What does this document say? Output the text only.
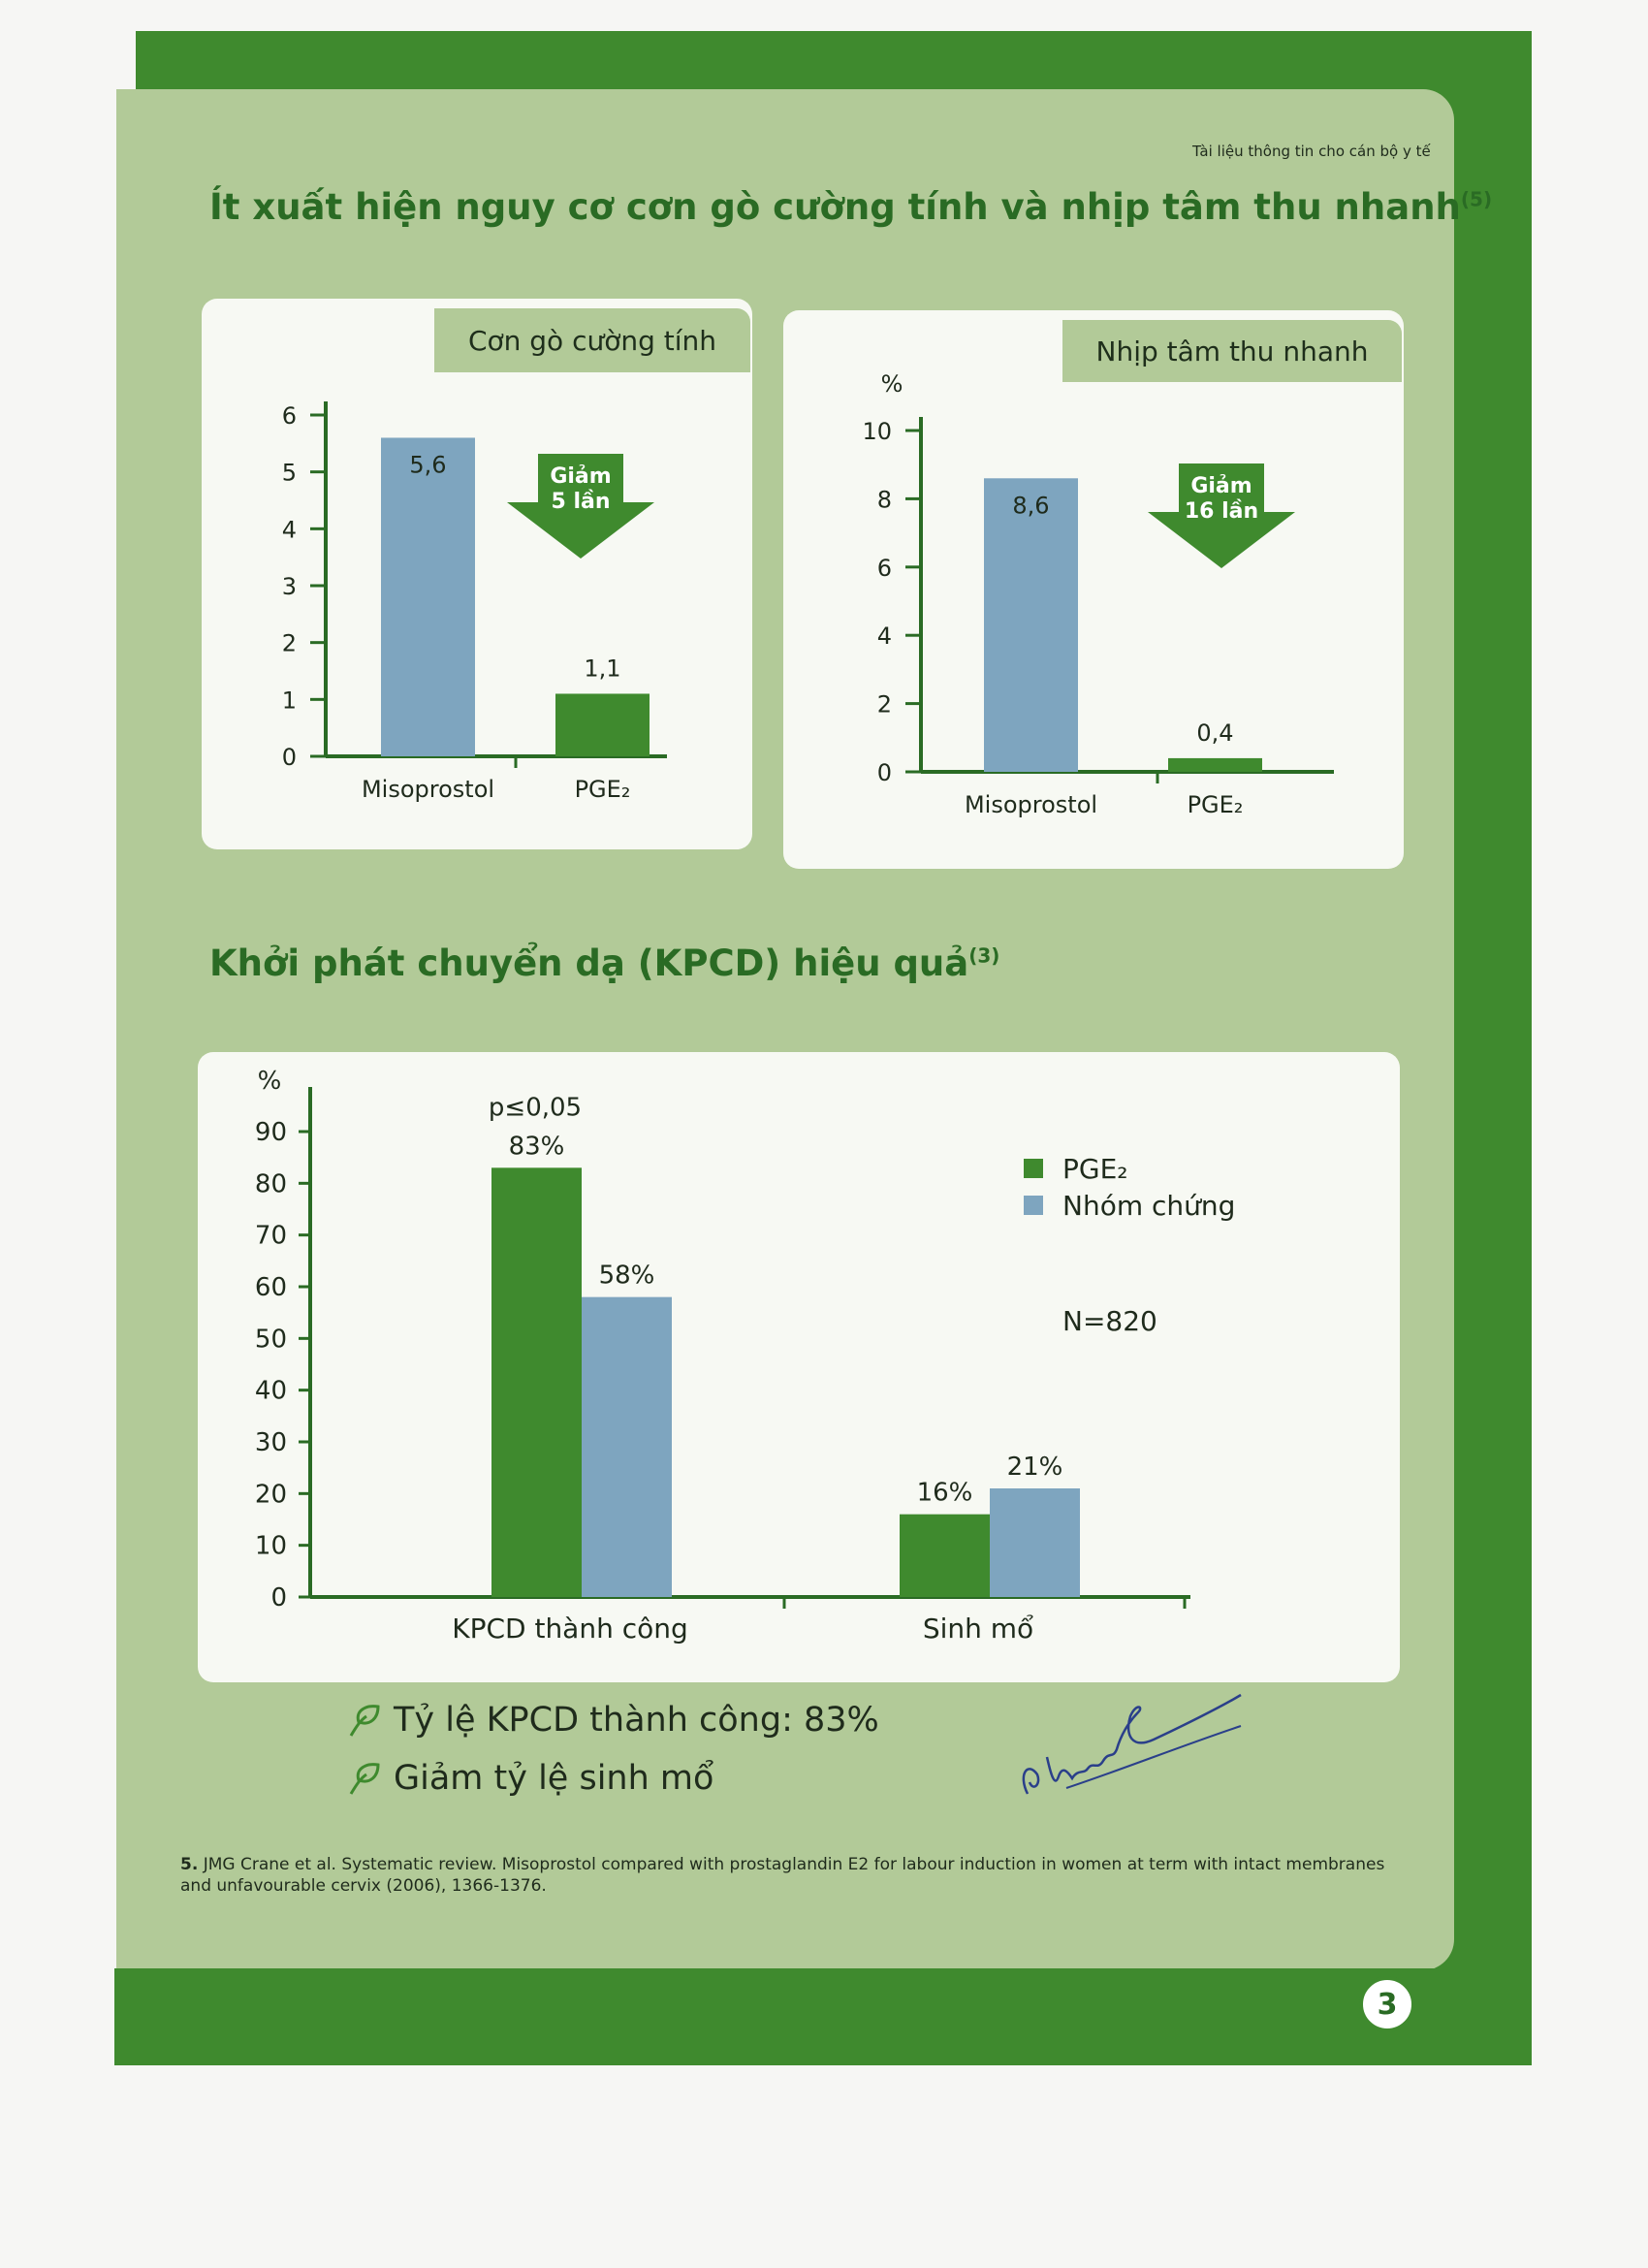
Tài liệu thông tin cho cán bộ y tế
Ít xuất hiện nguy cơ cơn gò cường tính và nhịp tâm thu nhanh$^{(5)}$
Cơn gò cường tính
0
1
2
3
4
5
6
5,6
Misoprostol
1,1
PGE₂
Giảm
5 lần
Nhịp tâm thu nhanh
%
0
2
4
6
8
10
8,6
Misoprostol
0,4
PGE₂
Giảm
16 lần
Khởi phát chuyển dạ (KPCD) hiệu quả$^{(3)}$
%
0
10
20
30
40
50
60
70
80
90	83%
16%
58%
21%
KPCD thành công	Sinh mổ
p≤0,05
PGE₂
Nhóm chứng
N=820
Tỷ lệ KPCD thành công: 83%
Giảm tỷ lệ sinh mổ
5. JMG Crane et al. Systematic review. Misoprostol compared with prostaglandin E2 for labour induction in women at term with intact membranes and unfavourable cervix (2006), 1366-1376.
3
